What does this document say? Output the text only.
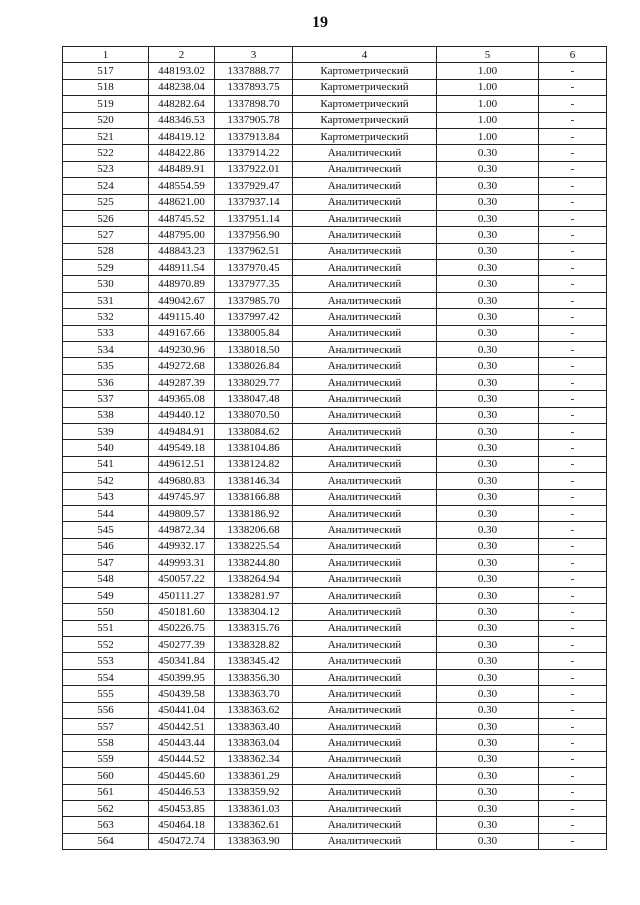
19
1	2	3	4	5	6
517	448193.02	1337888.77	Картометрический	1.00	-
518	448238.04	1337893.75	Картометрический	1.00	-
519	448282.64	1337898.70	Картометрический	1.00	-
520	448346.53	1337905.78	Картометрический	1.00	-
521	448419.12	1337913.84	Картометрический	1.00	-
522	448422.86	1337914.22	Аналитический	0.30	-
523	448489.91	1337922.01	Аналитический	0.30	-
524	448554.59	1337929.47	Аналитический	0.30	-
525	448621.00	1337937.14	Аналитический	0.30	-
526	448745.52	1337951.14	Аналитический	0.30	-
527	448795.00	1337956.90	Аналитический	0.30	-
528	448843.23	1337962.51	Аналитический	0.30	-
529	448911.54	1337970.45	Аналитический	0.30	-
530	448970.89	1337977.35	Аналитический	0.30	-
531	449042.67	1337985.70	Аналитический	0.30	-
532	449115.40	1337997.42	Аналитический	0.30	-
533	449167.66	1338005.84	Аналитический	0.30	-
534	449230.96	1338018.50	Аналитический	0.30	-
535	449272.68	1338026.84	Аналитический	0.30	-
536	449287.39	1338029.77	Аналитический	0.30	-
537	449365.08	1338047.48	Аналитический	0.30	-
538	449440.12	1338070.50	Аналитический	0.30	-
539	449484.91	1338084.62	Аналитический	0.30	-
540	449549.18	1338104.86	Аналитический	0.30	-
541	449612.51	1338124.82	Аналитический	0.30	-
542	449680.83	1338146.34	Аналитический	0.30	-
543	449745.97	1338166.88	Аналитический	0.30	-
544	449809.57	1338186.92	Аналитический	0.30	-
545	449872.34	1338206.68	Аналитический	0.30	-
546	449932.17	1338225.54	Аналитический	0.30	-
547	449993.31	1338244.80	Аналитический	0.30	-
548	450057.22	1338264.94	Аналитический	0.30	-
549	450111.27	1338281.97	Аналитический	0.30	-
550	450181.60	1338304.12	Аналитический	0.30	-
551	450226.75	1338315.76	Аналитический	0.30	-
552	450277.39	1338328.82	Аналитический	0.30	-
553	450341.84	1338345.42	Аналитический	0.30	-
554	450399.95	1338356.30	Аналитический	0.30	-
555	450439.58	1338363.70	Аналитический	0.30	-
556	450441.04	1338363.62	Аналитический	0.30	-
557	450442.51	1338363.40	Аналитический	0.30	-
558	450443.44	1338363.04	Аналитический	0.30	-
559	450444.52	1338362.34	Аналитический	0.30	-
560	450445.60	1338361.29	Аналитический	0.30	-
561	450446.53	1338359.92	Аналитический	0.30	-
562	450453.85	1338361.03	Аналитический	0.30	-
563	450464.18	1338362.61	Аналитический	0.30	-
564	450472.74	1338363.90	Аналитический	0.30	-
